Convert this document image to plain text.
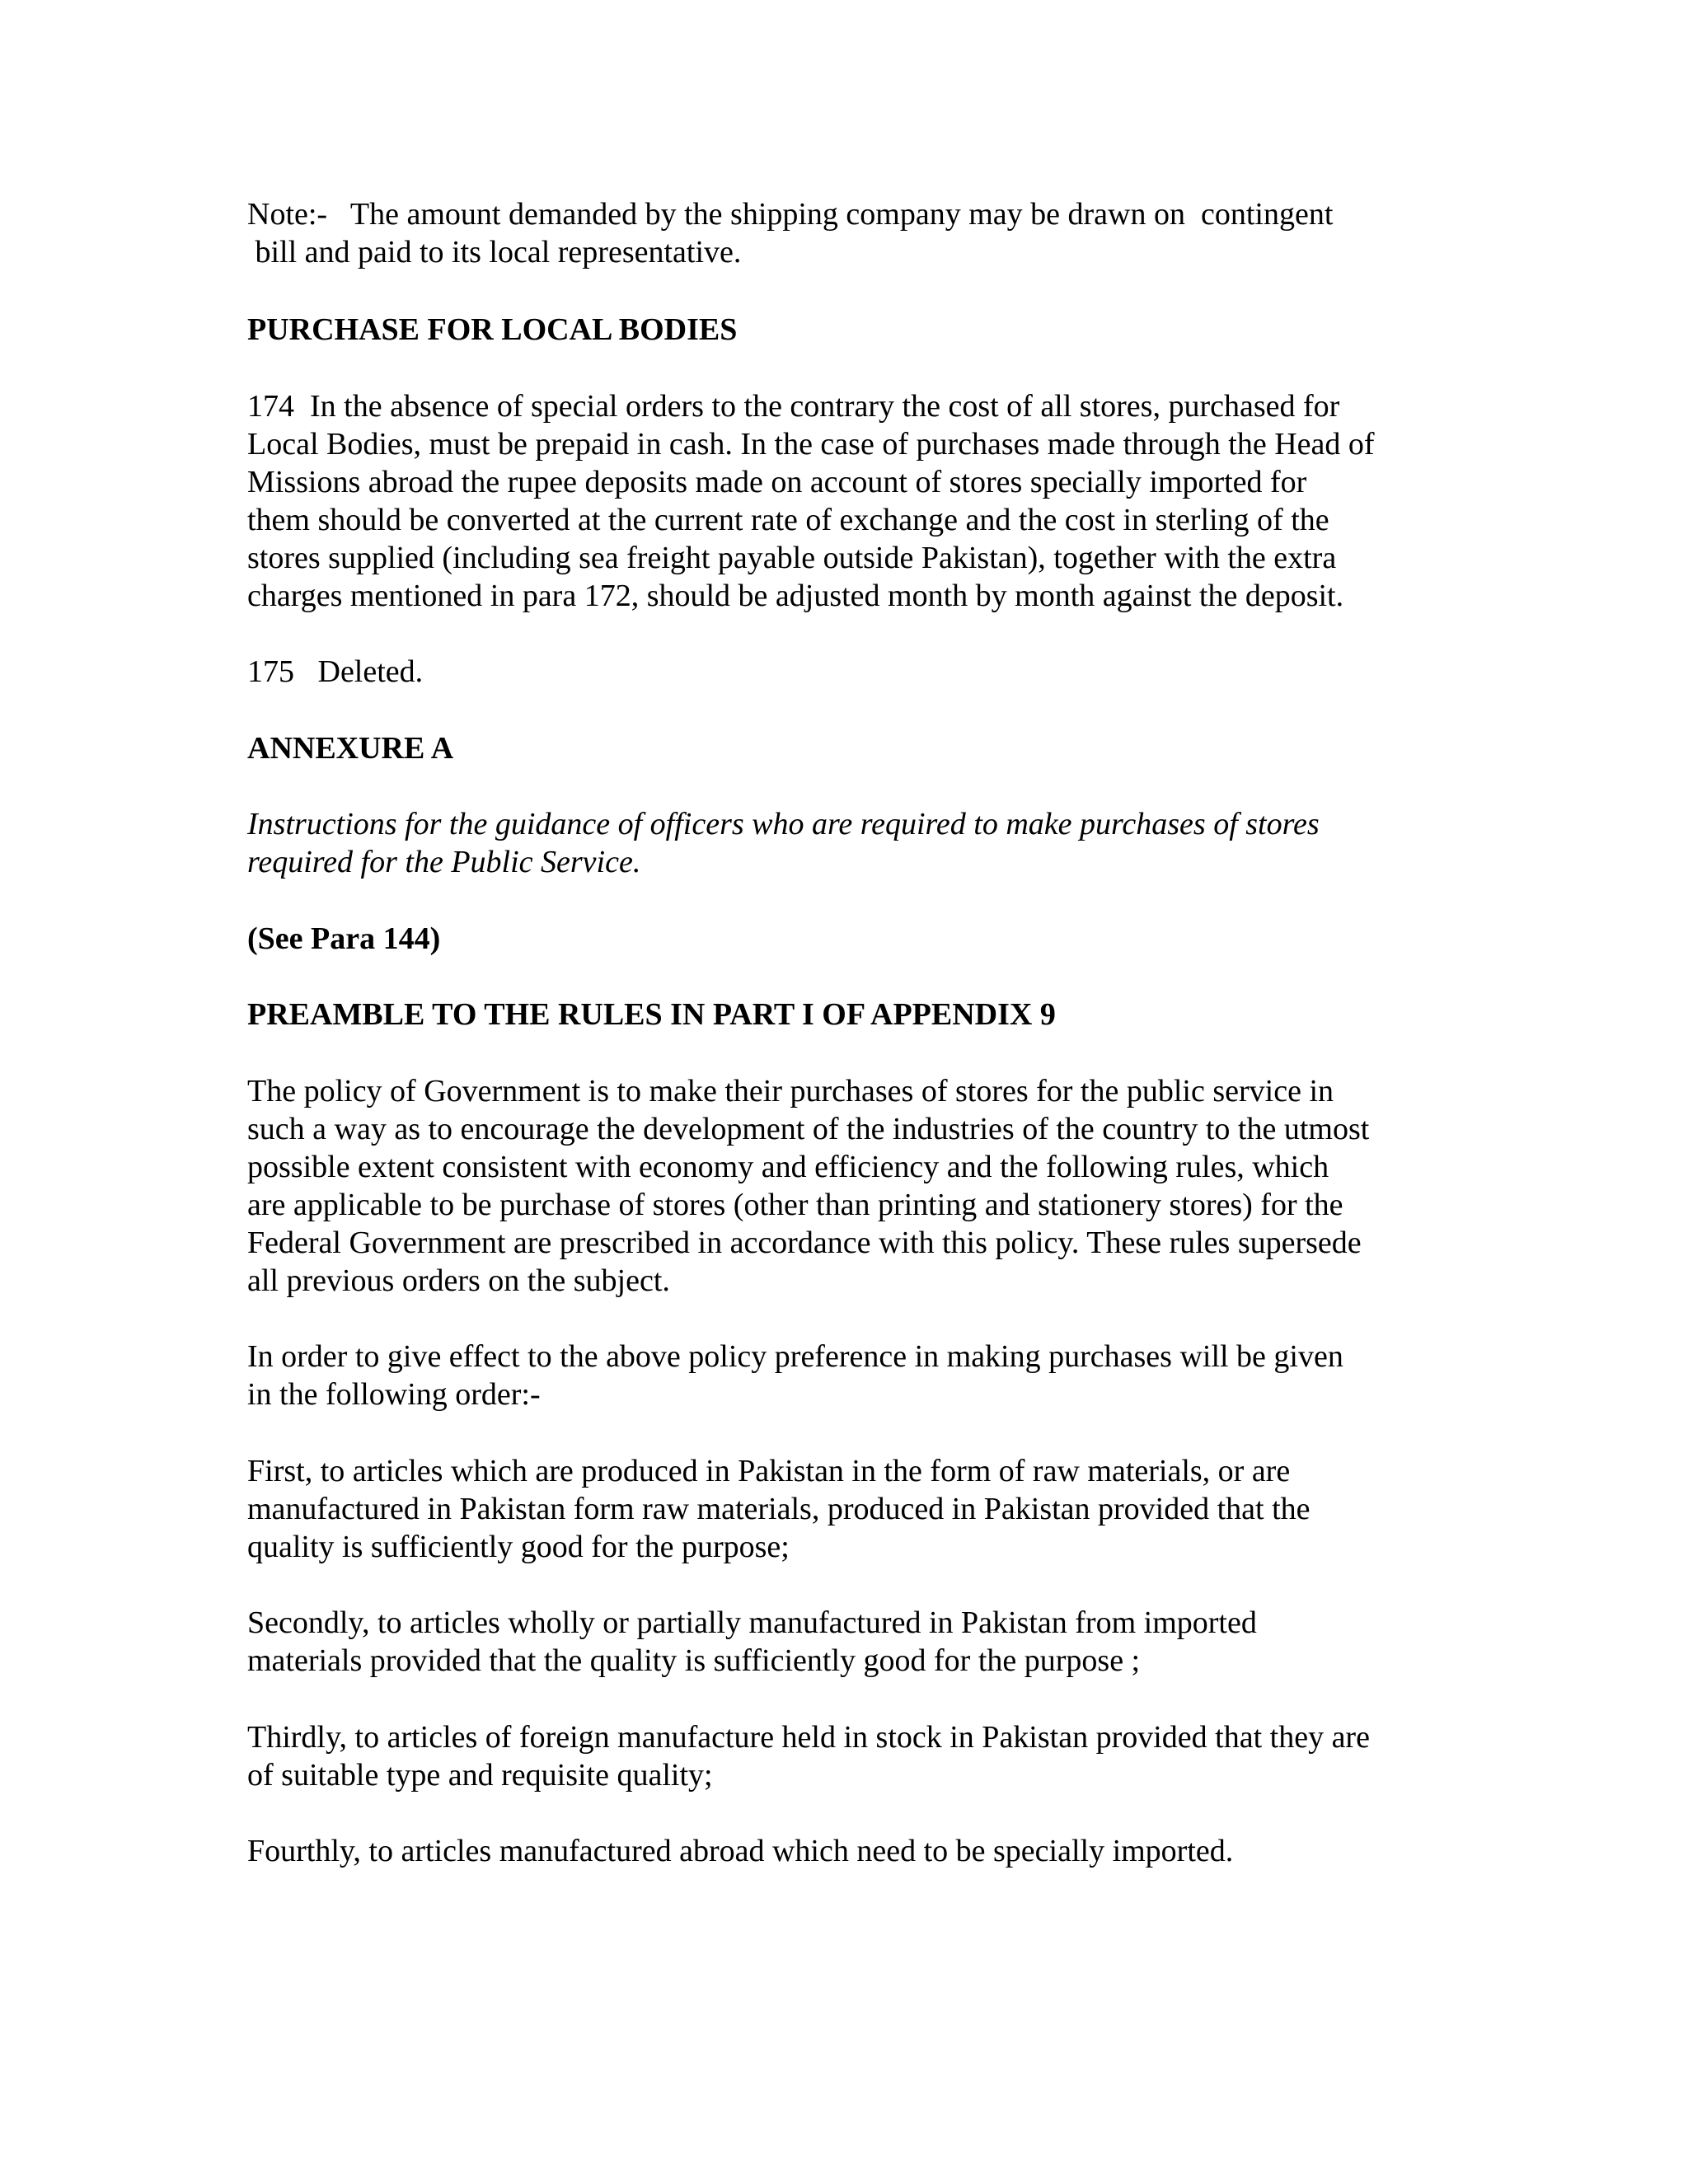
Note:-   The amount demanded by the shipping company may be drawn on  contingent

bill and paid to its local representative.

PURCHASE FOR LOCAL BODIES

174  In the absence of special orders to the contrary the cost of all stores, purchased for

Local Bodies, must be prepaid in cash. In the case of purchases made through the Head of

Missions abroad the rupee deposits made on account of stores specially imported for

them should be converted at the current rate of exchange and the cost in sterling of the

stores supplied (including sea freight payable outside Pakistan), together with the extra

charges mentioned in para 172, should be adjusted month by month against the deposit.

175   Deleted.

ANNEXURE A

Instructions for the guidance of officers who are required to make purchases of stores

required for the Public Service.

(See Para 144)

PREAMBLE TO THE RULES IN PART I OF APPENDIX 9

The policy of Government is to make their purchases of stores for the public service in

such a way as to encourage the development of the industries of the country to the utmost

possible extent consistent with economy and efficiency and the following rules, which

are applicable to be purchase of stores (other than printing and stationery stores) for the

Federal Government are prescribed in accordance with this policy. These rules supersede

all previous orders on the subject.

In order to give effect to the above policy preference in making purchases will be given

in the following order:-

First, to articles which are produced in Pakistan in the form of raw materials, or are

manufactured in Pakistan form raw materials, produced in Pakistan provided that the

quality is sufficiently good for the purpose;

Secondly, to articles wholly or partially manufactured in Pakistan from imported

materials provided that the quality is sufficiently good for the purpose ;

Thirdly, to articles of foreign manufacture held in stock in Pakistan provided that they are

of suitable type and requisite quality;

Fourthly, to articles manufactured abroad which need to be specially imported.
